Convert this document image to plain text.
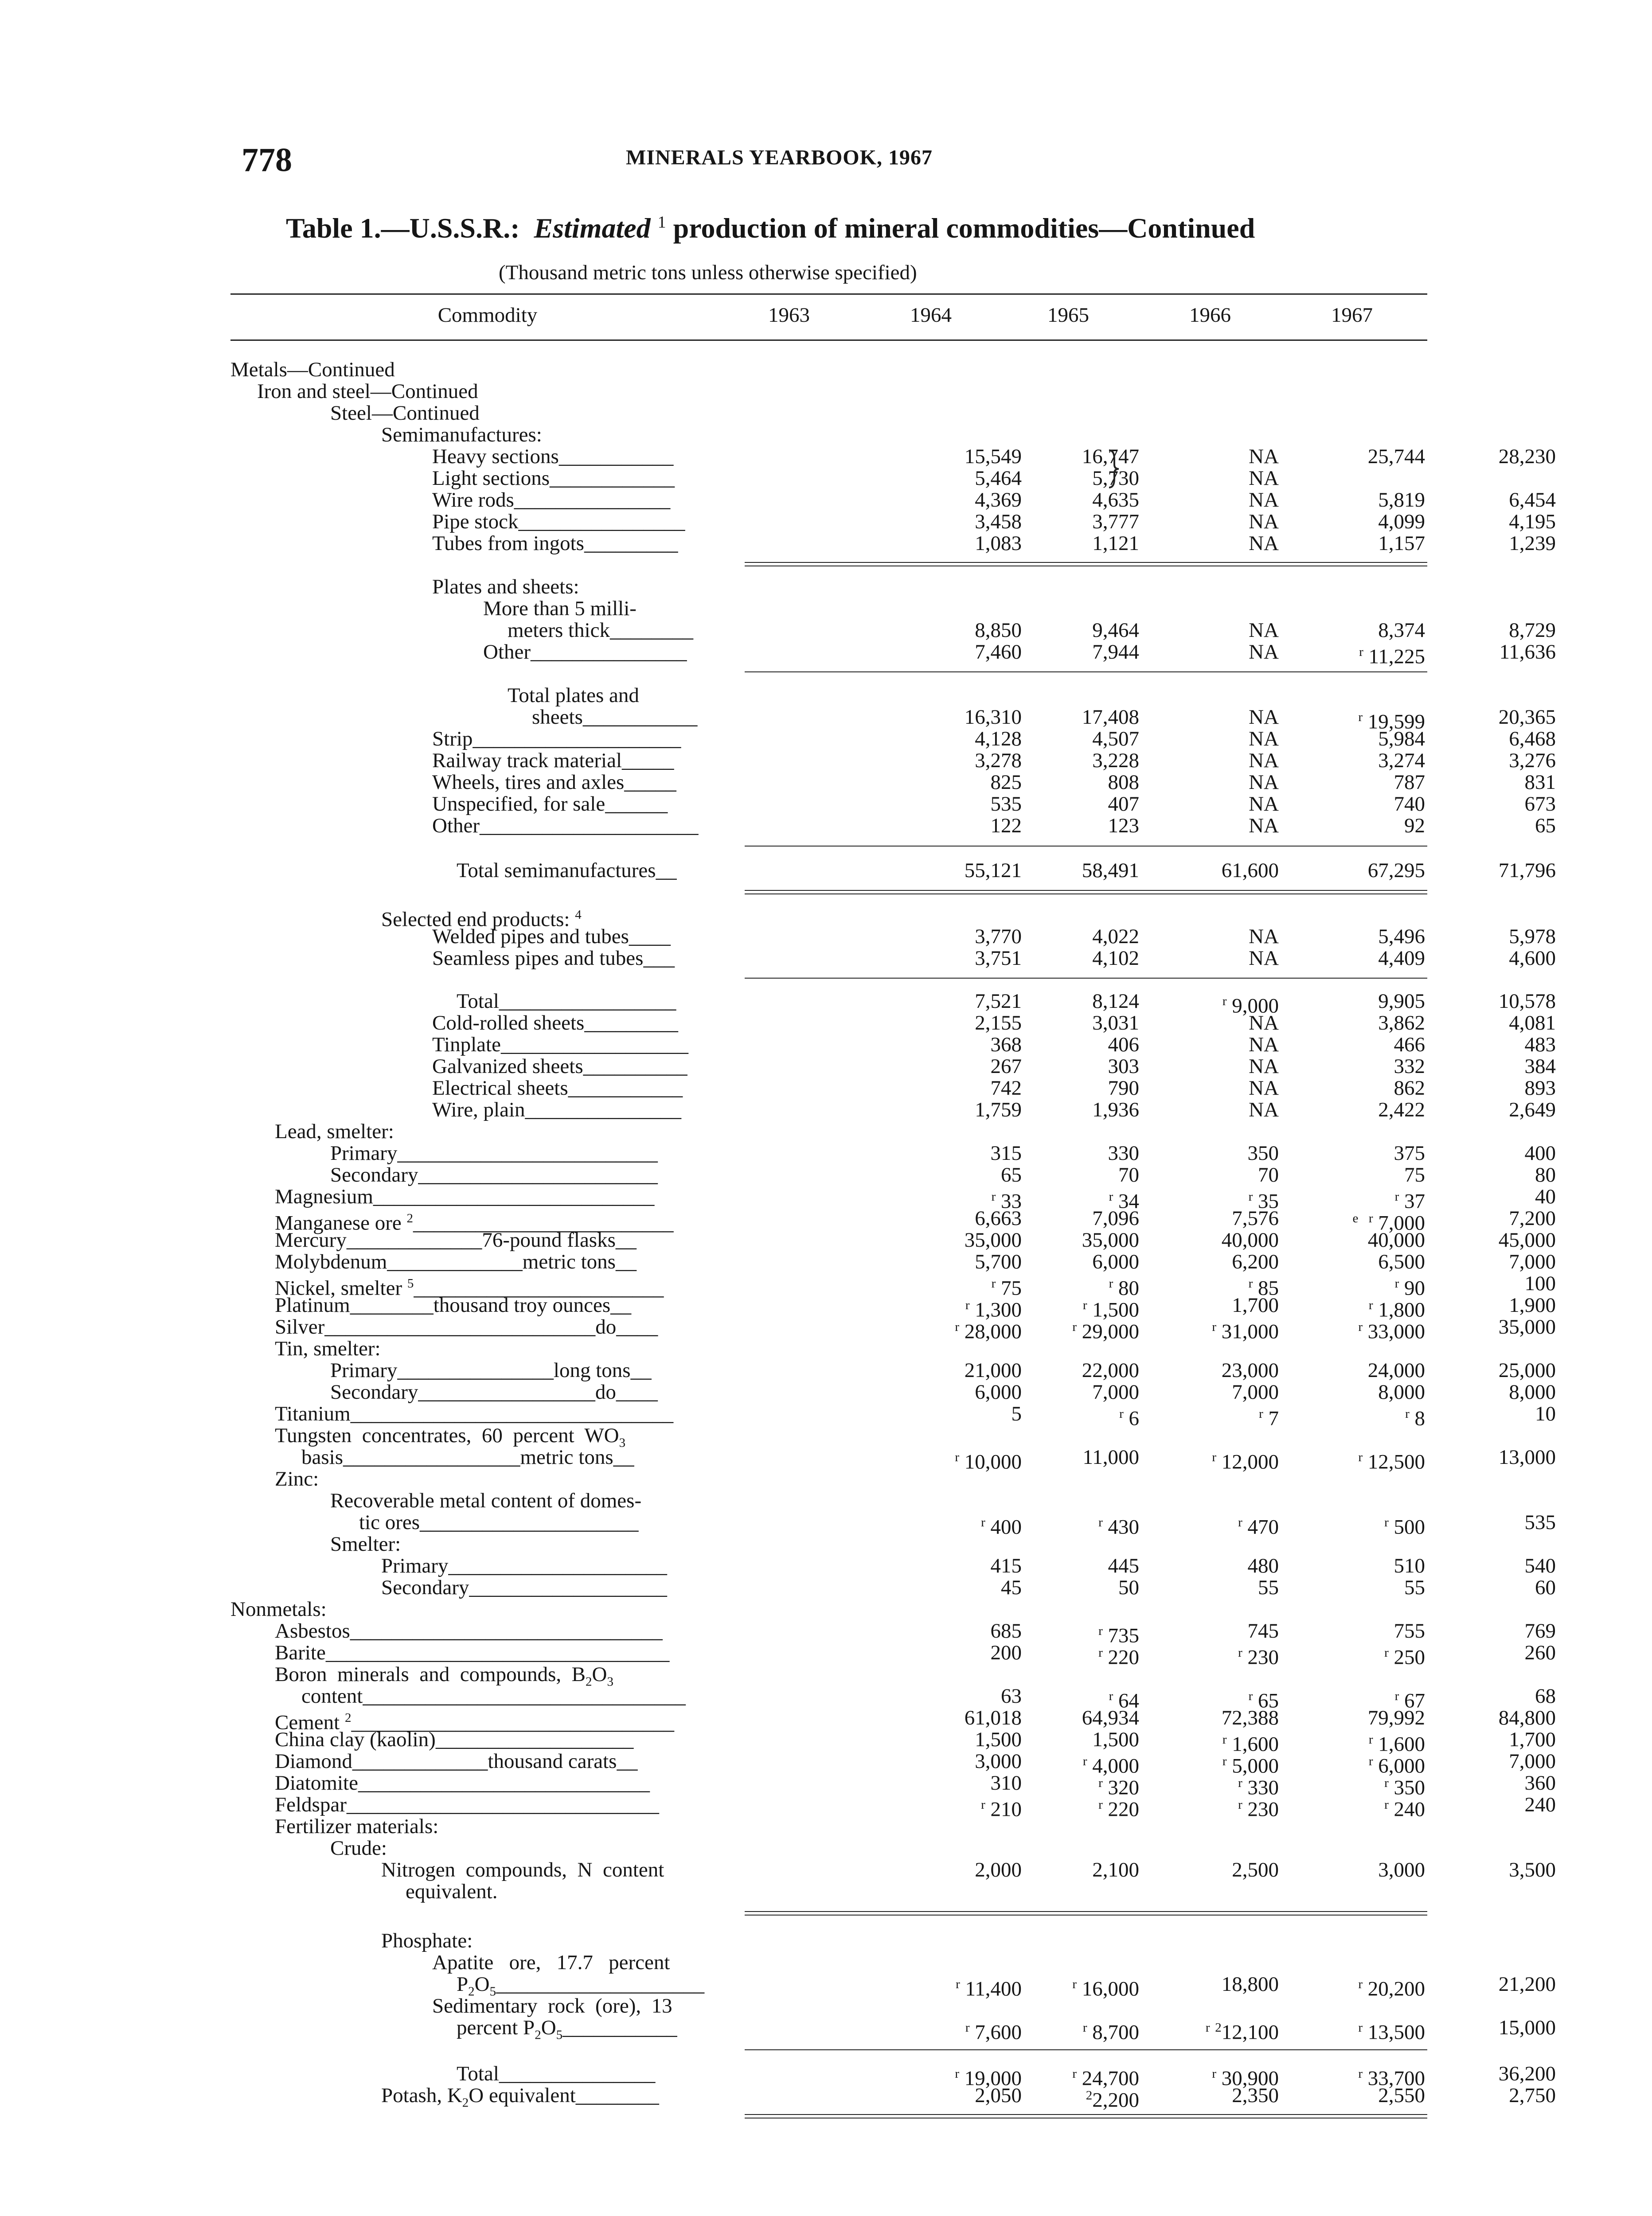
778	MINERALS YEARBOOK, 1967
Table 1.—U.S.S.R.: Estimated $^1$ production of mineral commodities—Continued
(Thousand metric tons unless otherwise specified)
Commodity	1963	1964	1965	1966	1967
Metals—Continued
Iron and steel—Continued
Steel—Continued
Semimanufactures:
Heavy sections___________	15,549	16,747	NA	25,744	28,230
Light sections____________	5,464	5,730	NA
Wire rods_______________	4,369	4,635	NA	5,819	6,454
Pipe stock________________	3,458	3,777	NA	4,099	4,195
Tubes from ingots_________	1,083	1,121	NA	1,157	1,239
Plates and sheets:
More than 5 milli-
meters thick________	8,850	9,464	NA	8,374	8,729
Other_______________	7,460	7,944	NA	$^r$ 11,225	11,636
Total plates and
sheets___________	16,310	17,408	NA	$^r$ 19,599	20,365
Strip____________________	4,128	4,507	NA	5,984	6,468
Railway track material_____	3,278	3,228	NA	3,274	3,276
Wheels, tires and axles_____	825	808	NA	787	831
Unspecified, for sale______	535	407	NA	740	673
Other_____________________	122	123	NA	92	65
Total semimanufactures__	55,121	58,491	61,600	67,295	71,796
Selected end products: $^4$
Welded pipes and tubes____	3,770	4,022	NA	5,496	5,978
Seamless pipes and tubes___	3,751	4,102	NA	4,409	4,600
Total_________________	7,521	8,124	$^r$ 9,000	9,905	10,578
Cold-rolled sheets_________	2,155	3,031	NA	3,862	4,081
Tinplate__________________	368	406	NA	466	483
Galvanized sheets__________	267	303	NA	332	384
Electrical sheets___________	742	790	NA	862	893
Wire, plain_______________	1,759	1,936	NA	2,422	2,649
Lead, smelter:
Primary_________________________	315	330	350	375	400
Secondary_______________________	65	70	70	75	80
Magnesium___________________________	$^r$ 33	$^r$ 34	$^r$ 35	$^r$ 37	40
Manganese ore $^2$_________________________	6,663	7,096	7,576	$^e$ $^r$ 7,000	7,200
Mercury_____________76-pound flasks__	35,000	35,000	40,000	40,000	45,000
Molybdenum_____________metric tons__	5,700	6,000	6,200	6,500	7,000
Nickel, smelter $^5$________________________	$^r$ 75	$^r$ 80	$^r$ 85	$^r$ 90	100
Platinum________thousand troy ounces__	$^r$ 1,300	$^r$ 1,500	1,700	$^r$ 1,800	1,900
Silver__________________________do____	$^r$ 28,000	$^r$ 29,000	$^r$ 31,000	$^r$ 33,000	35,000
Tin, smelter:
Primary_______________long tons__	21,000	22,000	23,000	24,000	25,000
Secondary_________________do____	6,000	7,000	7,000	8,000	8,000
Titanium_______________________________	5	$^r$ 6	$^r$ 7	$^r$ 8	10
Tungsten  concentrates,  60  percent  $WO_3$
basis_________________metric tons__	$^r$ 10,000	11,000	$^r$ 12,000	$^r$ 12,500	13,000
Zinc:
Recoverable metal content of domes-
tic ores_____________________	$^r$ 400	$^r$ 430	$^r$ 470	$^r$ 500	535
Smelter:
Primary_____________________	415	445	480	510	540
Secondary___________________	45	50	55	55	60
Nonmetals:
Asbestos______________________________	685	$^r$ 735	745	755	769
Barite_________________________________	200	$^r$ 220	$^r$ 230	$^r$ 250	260
Boron  minerals  and  compounds,  $B_2O_3$
content_______________________________	63	$^r$ 64	$^r$ 65	$^r$ 67	68
Cement $^2$_______________________________	61,018	64,934	72,388	79,992	84,800
China clay (kaolin)___________________	1,500	1,500	$^r$ 1,600	$^r$ 1,600	1,700
Diamond_____________thousand carats__	3,000	$^r$ 4,000	$^r$ 5,000	$^r$ 6,000	7,000
Diatomite____________________________	310	$^r$ 320	$^r$ 330	$^r$ 350	360
Feldspar______________________________	$^r$ 210	$^r$ 220	$^r$ 230	$^r$ 240	240
Fertilizer materials:
Crude:
Nitrogen  compounds,  N  content	2,000	2,100	2,500	3,000	3,500
equivalent.
Phosphate:
Apatite   ore,   17.7   percent
$P_2O_5\_\_\_\_\_\_\_\_\_\_\_\_\_\_\_\_\_\_\_\_$	$^r$ 11,400	$^r$ 16,000	18,800	$^r$ 20,200	21,200
Sedimentary  rock  (ore),  13
percent $P_2O_5\_\_\_\_\_\_\_\_\_\_\_$	$^r$ 7,600	$^r$ 8,700	$^r$ $^2$12,100	$^r$ 13,500	15,000
Total_______________	$^r$ 19,000	$^r$ 24,700	$^r$ 30,900	$^r$ 33,700	36,200
Potash, $K_2O$ equivalent________	2,050	$^2$2,200	2,350	2,550	2,750
